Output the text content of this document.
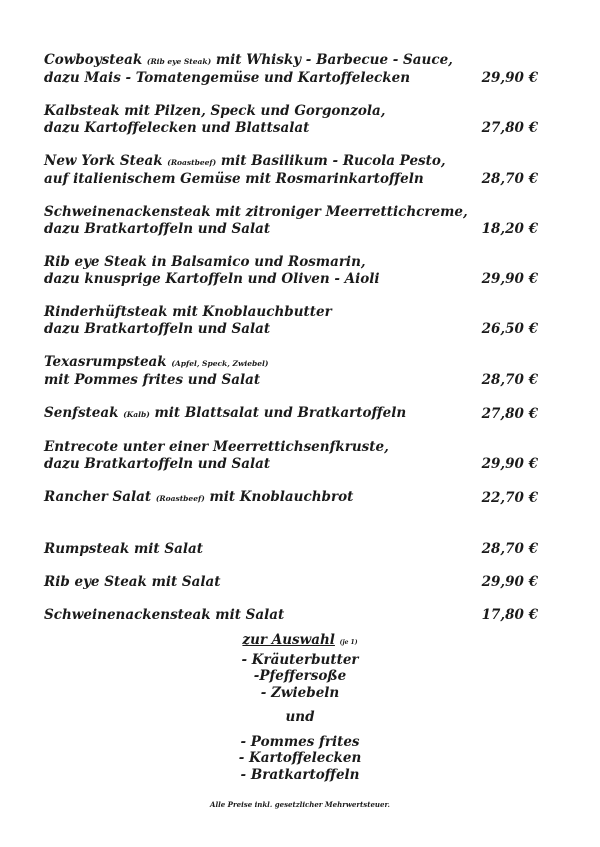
Cowboysteak (Rib eye Steak) mit Whisky - Barbecue - Sauce,
dazu Mais - Tomatengemüse und Kartoffelecken	29,90 €
Kalbsteak mit Pilzen, Speck und Gorgonzola,
dazu Kartoffelecken und Blattsalat	27,80 €
New York Steak (Roastbeef) mit Basilikum - Rucola Pesto,
auf italienischem Gemüse mit Rosmarinkartoffeln	28,70 €
Schweinenackensteak mit zitroniger Meerrettichcreme,
dazu Bratkartoffeln und Salat	18,20 €
Rib eye Steak in Balsamico und Rosmarin,
dazu knusprige Kartoffeln und Oliven - Aioli	29,90 €
Rinderhüftsteak mit Knoblauchbutter
dazu Bratkartoffeln und Salat	26,50 €
Texasrumpsteak (Apfel, Speck, Zwiebel)
mit Pommes frites und Salat	28,70 €
Senfsteak (Kalb) mit Blattsalat und Bratkartoffeln	27,80 €
Entrecote unter einer Meerrettichsenfkruste,
dazu Bratkartoffeln und Salat	29,90 €
Rancher Salat (Roastbeef) mit Knoblauchbrot	22,70 €
Rumpsteak mit Salat	28,70 €
Rib eye Steak mit Salat	29,90 €
Schweinenackensteak mit Salat	17,80 €
zur Auswahl (je 1)
- Kräuterbutter
-Pfeffersoße
- Zwiebeln
und
- Pommes frites
- Kartoffelecken
- Bratkartoffeln
Alle Preise inkl. gesetzlicher Mehrwertsteuer.
